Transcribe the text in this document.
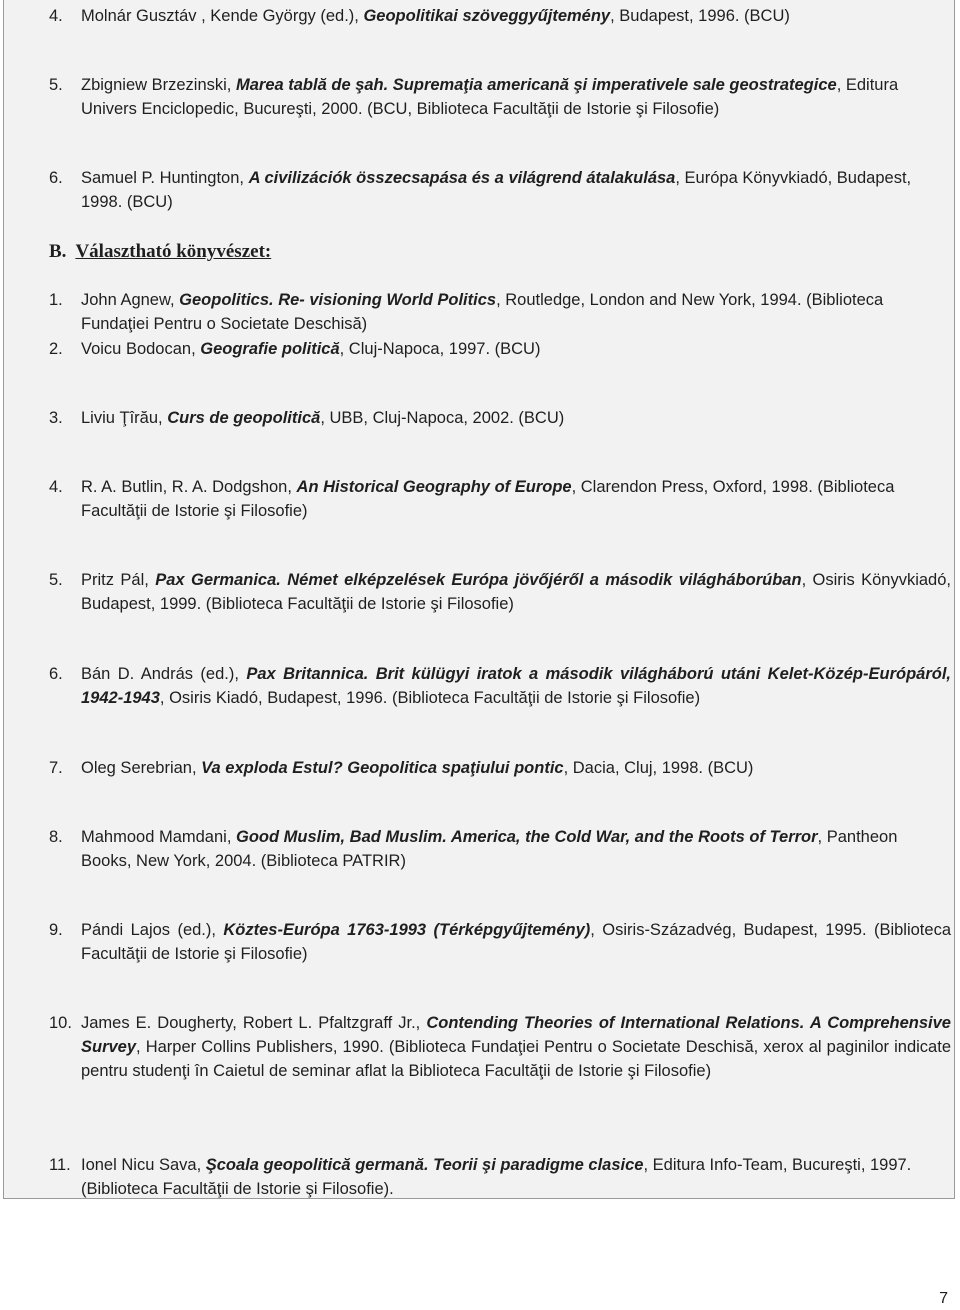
4. Molnár Gusztáv , Kende György (ed.), Geopolitikai szöveggyűjtemény, Budapest, 1996. (BCU)
5. Zbigniew Brzezinski, Marea tablă de şah. Supremaţia americană şi imperativele sale geostrategice, Editura Univers Enciclopedic, Bucureşti, 2000. (BCU, Biblioteca Facultăţii de Istorie şi Filosofie)
6. Samuel P. Huntington, A civilizációk összecsapása és a világrend átalakulása, Európa Könyvkiadó, Budapest, 1998. (BCU)
B. Választható könyvészet:
1. John Agnew, Geopolitics. Re- visioning World Politics, Routledge, London and New York, 1994. (Biblioteca Fundaţiei Pentru o Societate Deschisă)
2. Voicu Bodocan, Geografie politică, Cluj-Napoca, 1997. (BCU)
3. Liviu Ţîrău, Curs de geopolitică, UBB, Cluj-Napoca, 2002. (BCU)
4. R. A. Butlin, R. A. Dodgshon, An Historical Geography of Europe, Clarendon Press, Oxford, 1998. (Biblioteca Facultăţii de Istorie şi Filosofie)
5. Pritz Pál, Pax Germanica. Német elképzelések Európa jövőjéről a második világháborúban, Osiris Könyvkiadó, Budapest, 1999. (Biblioteca Facultăţii de Istorie şi Filosofie)
6. Bán D. András (ed.), Pax Britannica. Brit külügyi iratok a második világháború utáni Kelet-Közép-Európáról, 1942-1943, Osiris Kiadó, Budapest, 1996. (Biblioteca Facultăţii de Istorie şi Filosofie)
7. Oleg Serebrian, Va exploda Estul? Geopolitica spaţiului pontic, Dacia, Cluj, 1998. (BCU)
8. Mahmood Mamdani, Good Muslim, Bad Muslim. America, the Cold War, and the Roots of Terror, Pantheon Books, New York, 2004. (Biblioteca PATRIR)
9. Pándi Lajos (ed.), Köztes-Európa 1763-1993 (Térképgyűjtemény), Osiris-Századvég, Budapest, 1995. (Biblioteca Facultăţii de Istorie şi Filosofie)
10. James E. Dougherty, Robert L. Pfaltzgraff Jr., Contending Theories of International Relations. A Comprehensive Survey, Harper Collins Publishers, 1990. (Biblioteca Fundaţiei Pentru o Societate Deschisă, xerox al paginilor indicate pentru studenţi în Caietul de seminar aflat la Biblioteca Facultăţii de Istorie şi Filosofie)
11. Ionel Nicu Sava, Şcoala geopolitică germană. Teorii şi paradigme clasice, Editura Info-Team, Bucureşti, 1997. (Biblioteca Facultăţii de Istorie şi Filosofie).
7
